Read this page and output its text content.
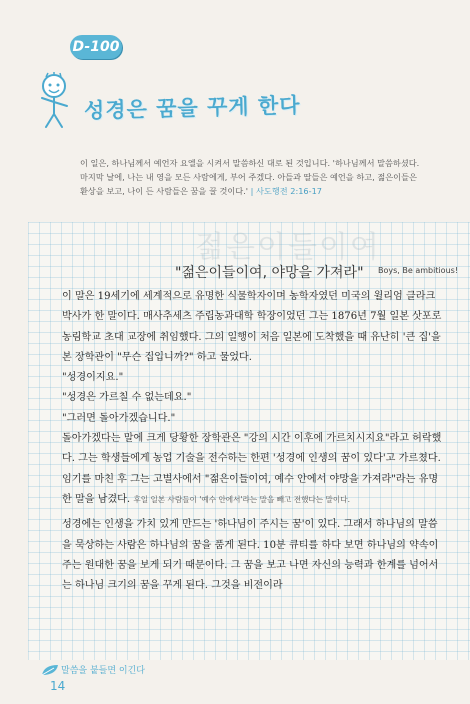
D-100
성경은 꿈을 꾸게 한다
이 일은, 하나님께서 예언자 요엘을 시켜서 말씀하신 대로 된 것입니다. '하나님께서 말씀하셨다. 마지막 날에, 나는 내 영을 모든 사람에게, 부어 주겠다. 아들과 딸들은 예언을 하고, 젊은이들은 환상을 보고, 나이 든 사람들은 꿈을 꿀 것이다.' | 사도행전 2:16-17
젊은이들이여
"젊은이들이여, 야망을 가져라" Boys, Be ambitious!

이 말은 19세기에 세계적으로 유명한 식물학자이며 농학자였던 미국의 윌리엄 클라크 박사가 한 말이다. 매사추세츠 주립농과대학 학장이었던 그는 1876년 7월 일본 삿포로 농림학교 초대 교장에 취임했다. 그의 일행이 처음 일본에 도착했을 때 유난히 '큰 집'을 본 장학관이 "무슨 집입니까?" 하고 물었다.

"성경이지요."

"성경은 가르칠 수 없는데요."

"그러면 돌아가겠습니다."

돌아가겠다는 말에 크게 당황한 장학관은 "강의 시간 이후에 가르치시지요"라고 허락했다. 그는 학생들에게 농업 기술을 전수하는 한편 '성경에 인생의 꿈이 있다'고 가르쳤다. 임기를 마친 후 그는 고별사에서 "젊은이들이여, 예수 안에서 야망을 가져라"라는 유명한 말을 남겼다. 후일 일본 사람들이 '예수 안에서'라는 말을 빼고 전했다는 말이다.

성경에는 인생을 가치 있게 만드는 '하나님이 주시는 꿈'이 있다. 그래서 하나님의 말씀을 묵상하는 사람은 하나님의 꿈을 품게 된다. 10분 큐티를 하다 보면 하나님의 약속이 주는 원대한 꿈을 보게 되기 때문이다. 그 꿈을 보고 나면 자신의 능력과 한계를 넘어서는 하나님 크기의 꿈을 꾸게 된다. 그것을 비전이라

말씀을 붙들면 이긴다
14
